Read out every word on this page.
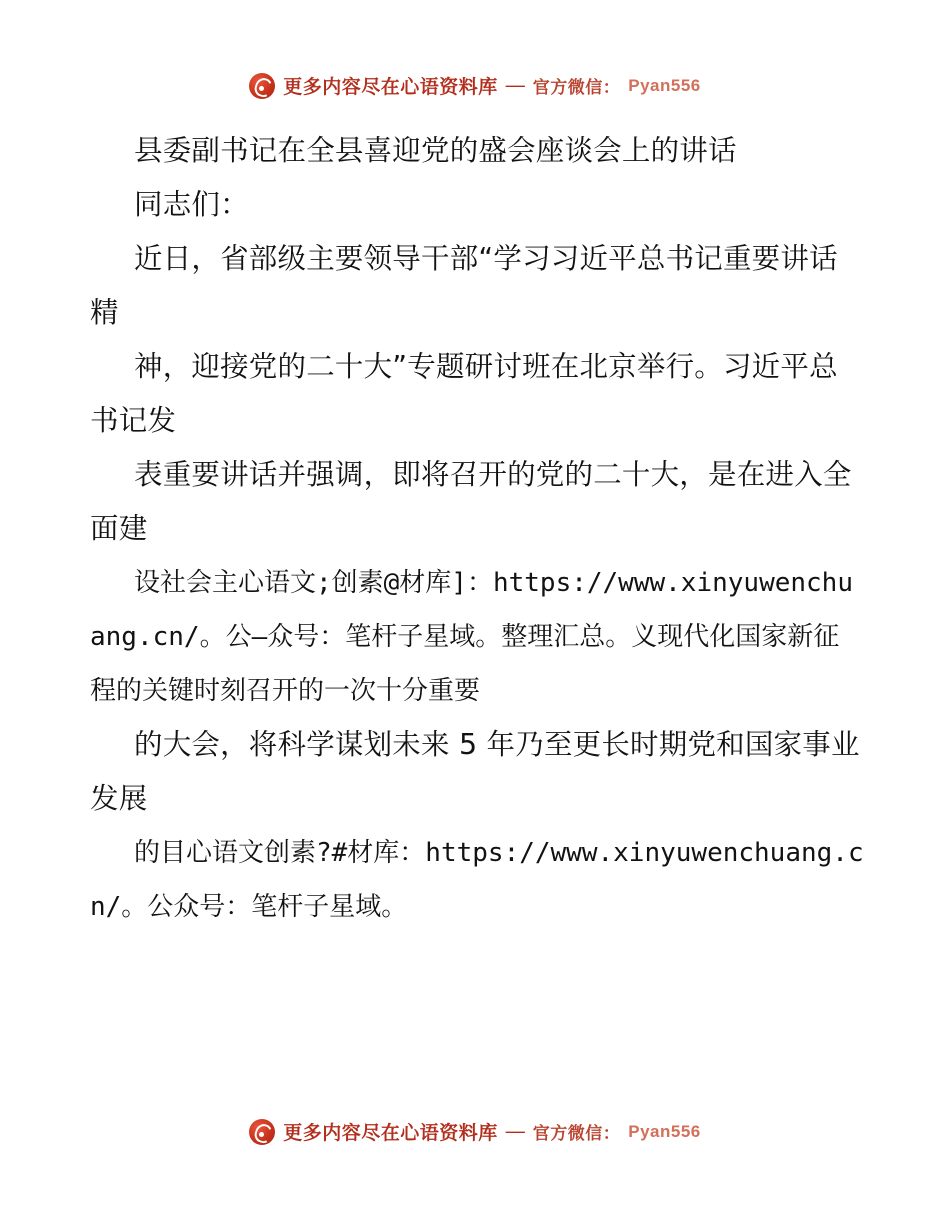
更多内容尽在心语资料库 — 官方微信： Pyan556

县委副书记在全县喜迎党的盛会座谈会上的讲话

同志们：

近日，省部级主要领导干部“学习习近平总书记重要讲话精

神，迎接党的二十大”专题研讨班在北京举行。习近平总书记发

表重要讲话并强调，即将召开的党的二十大，是在进入全面建

设社会主心语文;创素@材库]：https://www.xinyuwenchuang.cn/。公—众号：笔杆子星域。整理汇总。义现代化国家新征程的关键时刻召开的一次十分重要

的大会，将科学谋划未来 5 年乃至更长时期党和国家事业发展

的目心语文创素?#材库：https://www.xinyuwenchuang.cn/。公众号：笔杆子星域。

更多内容尽在心语资料库 — 官方微信： Pyan556
